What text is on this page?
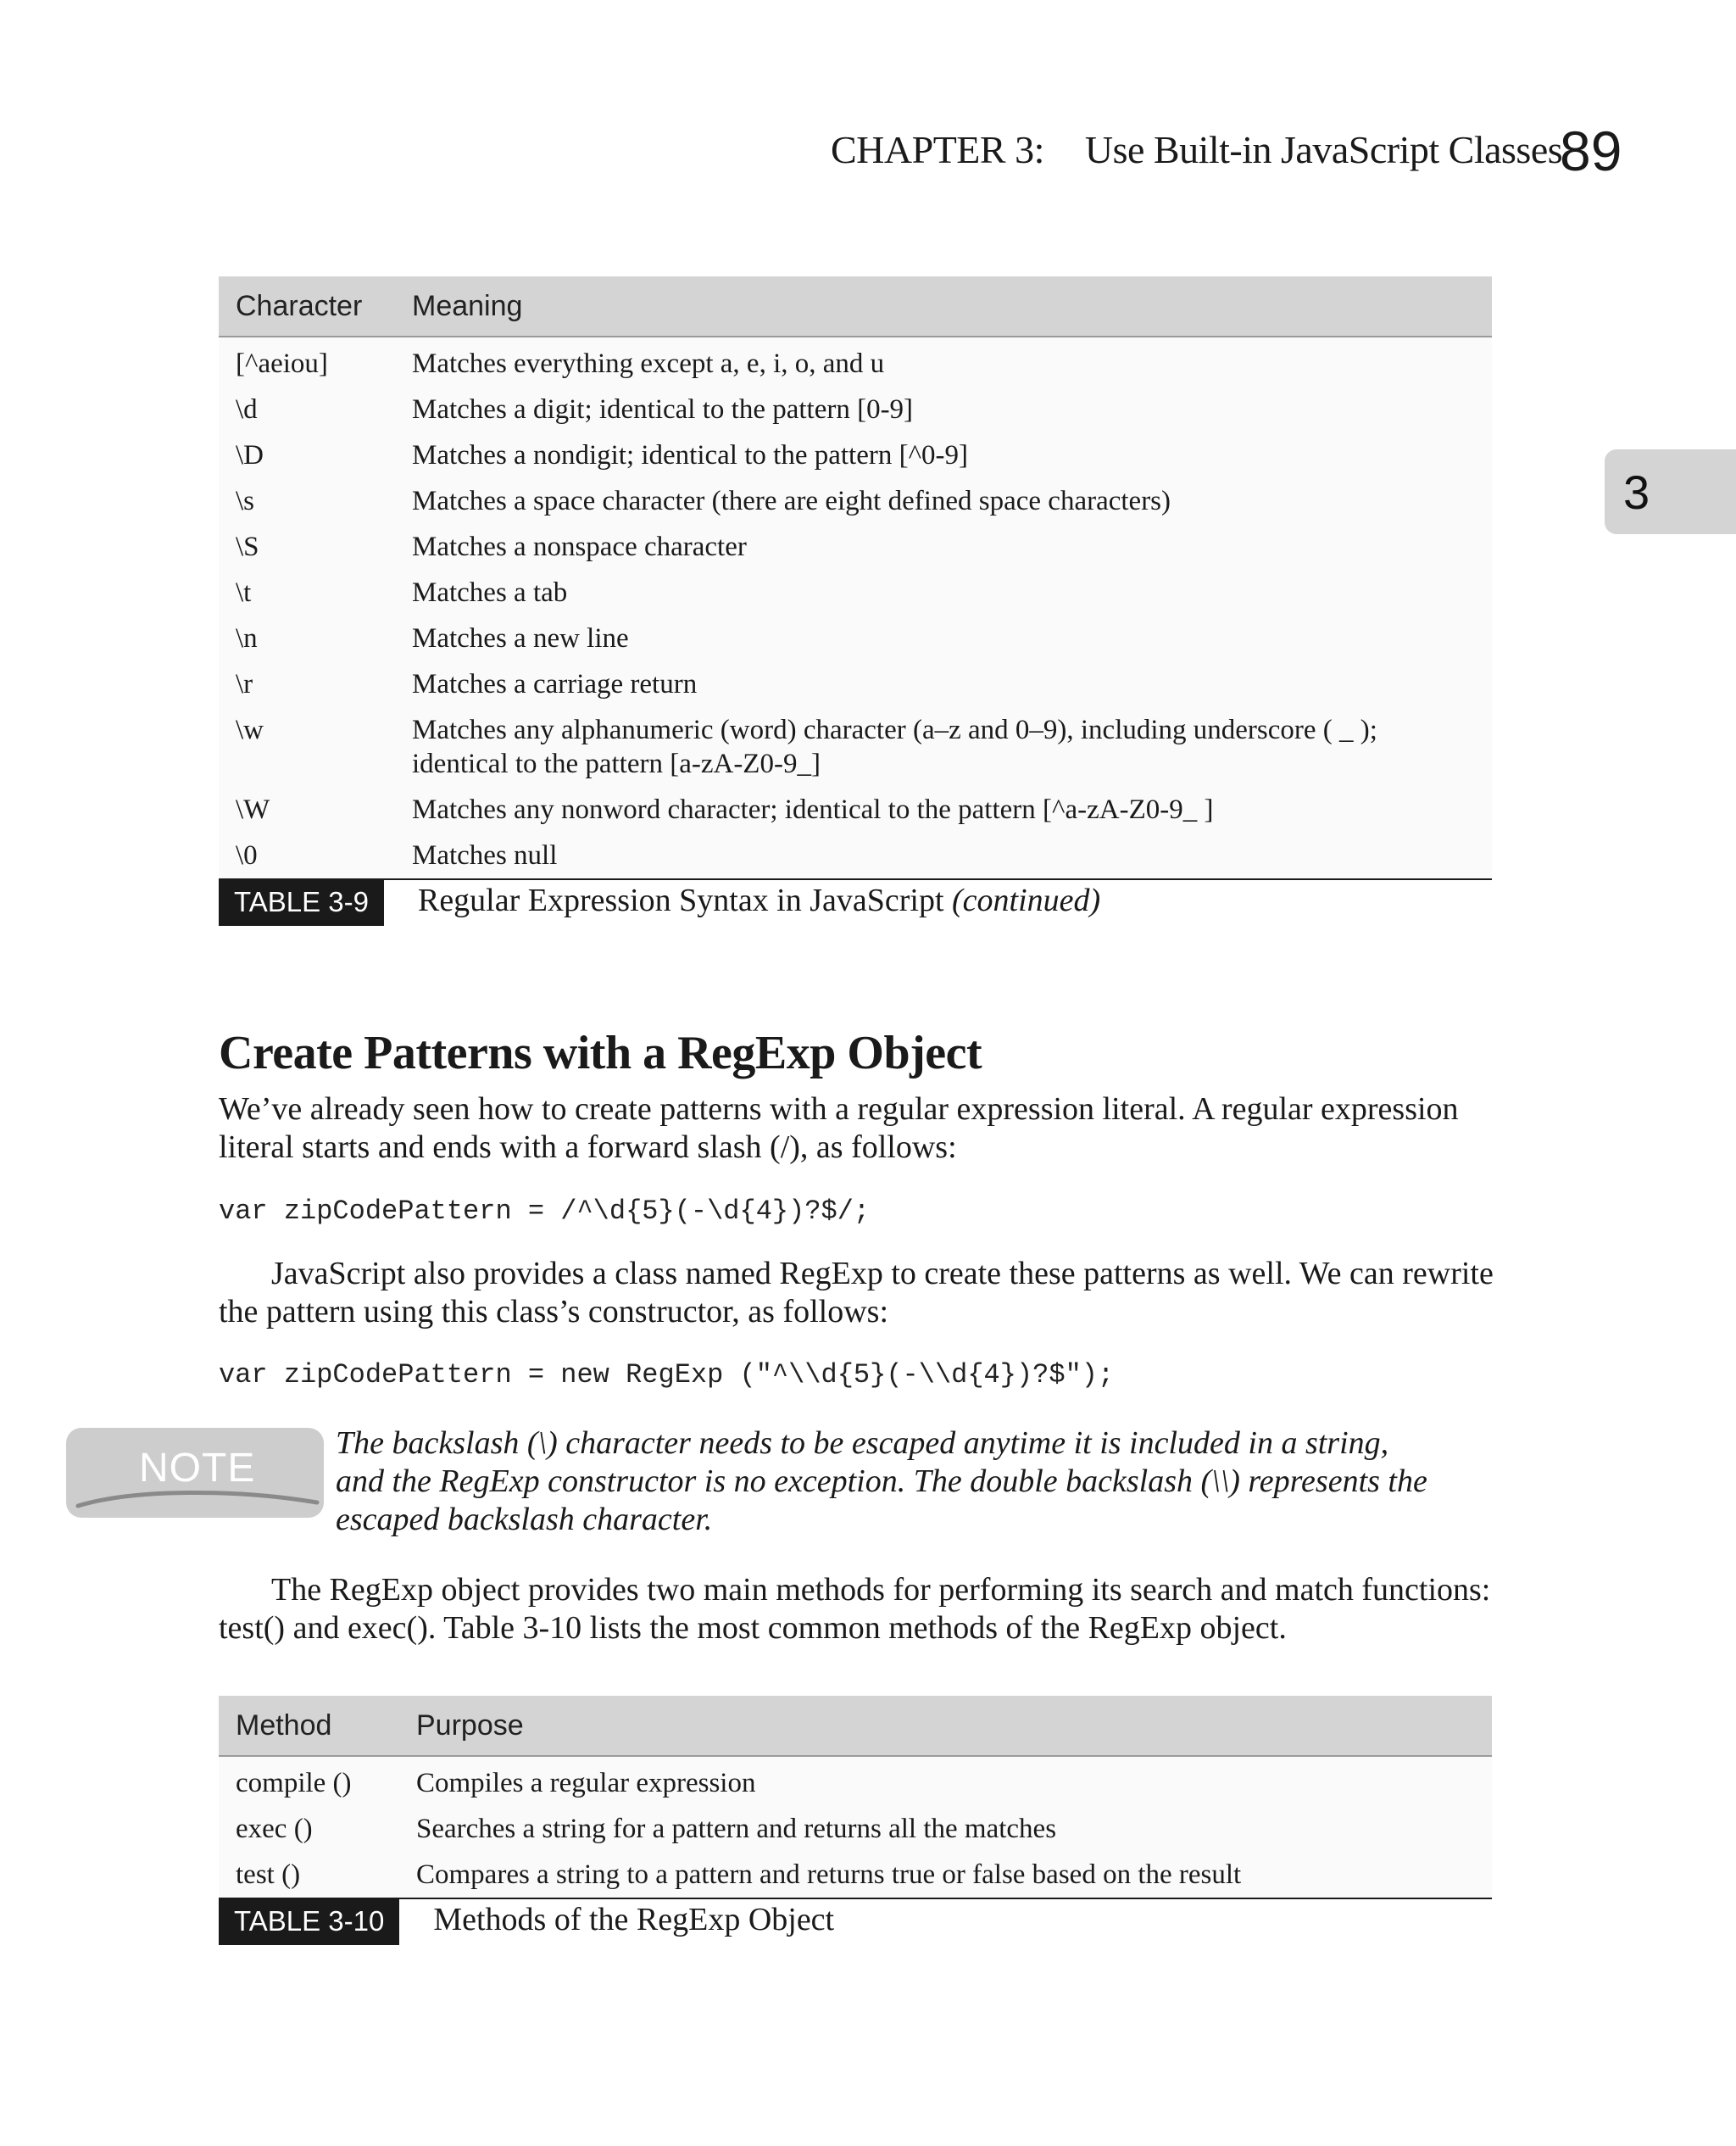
CHAPTER 3: Use Built-in JavaScript Classes
89
3
Character	Meaning
[^aeiou]	Matches everything except a, e, i, o, and u
\d	Matches a digit; identical to the pattern [0-9]
\D	Matches a nondigit; identical to the pattern [^0-9]
\s	Matches a space character (there are eight defined space characters)
\S	Matches a nonspace character
\t	Matches a tab
\n	Matches a new line
\r	Matches a carriage return
\w	Matches any alphanumeric (word) character (a–z and 0–9), including underscore ( _ ); identical to the pattern [a-zA-Z0-9_]
\W	Matches any nonword character; identical to the pattern [^a-zA-Z0-9_ ]
\0	Matches null
TABLE 3-9	Regular Expression Syntax in JavaScript (continued)
Create Patterns with a RegExp Object
We’ve already seen how to create patterns with a regular expression literal. A regular expression literal starts and ends with a forward slash (/), as follows:
var zipCodePattern = /^\d{5}(-\d{4})?$/;
JavaScript also provides a class named RegExp to create these patterns as well. We can rewrite the pattern using this class’s constructor, as follows:
var zipCodePattern = new RegExp ("^\\d{5}(-\\d{4})?$");
NOTE
The backslash (\) character needs to be escaped anytime it is included in a string, and the RegExp constructor is no exception. The double backslash (\\) represents the escaped backslash character.
The RegExp object provides two main methods for performing its search and match functions: test() and exec(). Table 3-10 lists the most common methods of the RegExp object.
Method	Purpose
compile ()	Compiles a regular expression
exec ()	Searches a string for a pattern and returns all the matches
test ()	Compares a string to a pattern and returns true or false based on the result
TABLE 3-10	Methods of the RegExp Object
